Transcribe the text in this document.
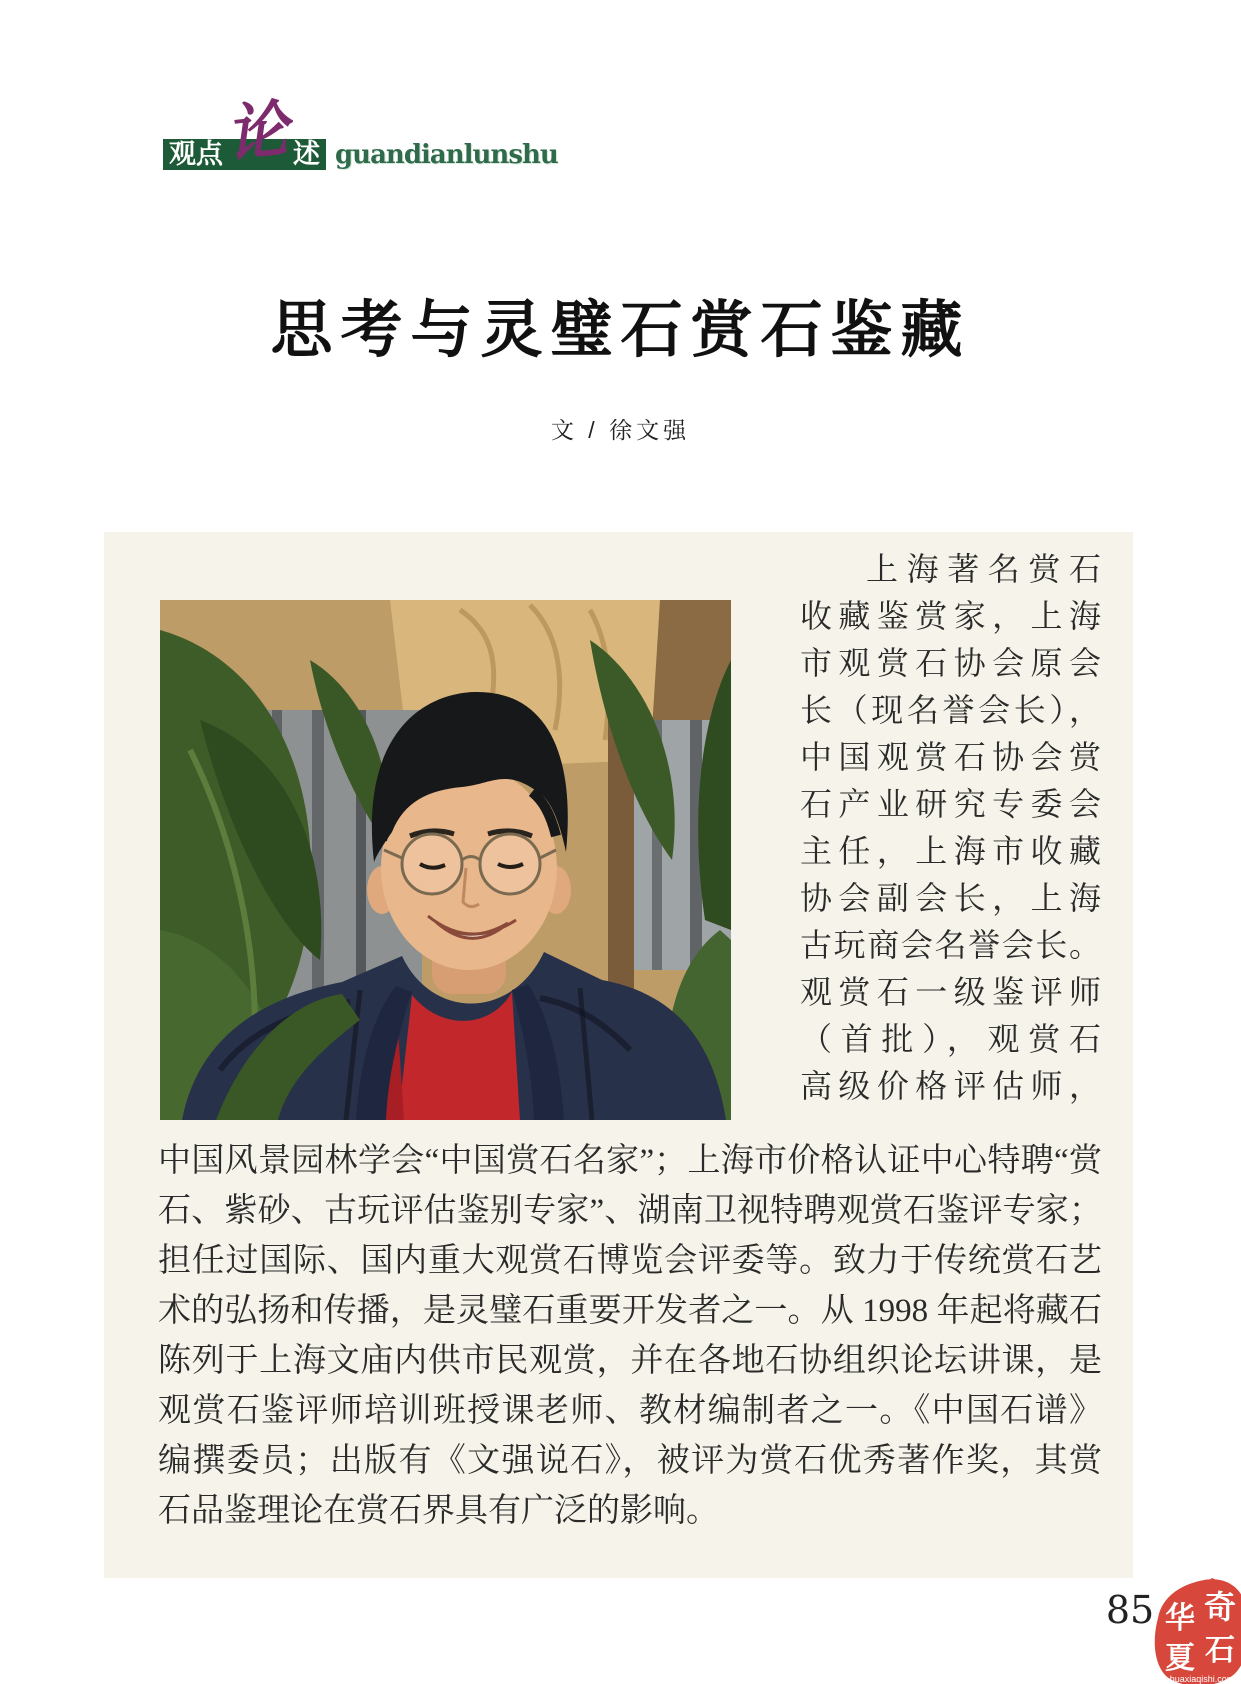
观点	述
论 guandianlunshu
思考与灵璧石赏石鉴藏
文 / 徐文强
上海著名赏石
收藏鉴赏家，上海
市观赏石协会原会
长（现名誉会长），
中国观赏石协会赏
石产业研究专委会
主任，上海市收藏
协会副会长，上海
古玩商会名誉会长。
观赏石一级鉴评师
（首批），观赏石
高级价格评估师，
中国风景园林学会“中国赏石名家”；上海市价格认证中心特聘“赏
石、紫砂、古玩评估鉴别专家”、湖南卫视特聘观赏石鉴评专家；
担任过国际、国内重大观赏石博览会评委等。致力于传统赏石艺
术的弘扬和传播，是灵璧石重要开发者之一。从 1998 年起将藏石
陈列于上海文庙内供市民观赏，并在各地石协组织论坛讲课，是
观赏石鉴评师培训班授课老师、教材编制者之一。《中国石谱》
编撰委员；出版有《文强说石》，被评为赏石优秀著作奖，其赏
石品鉴理论在赏石界具有广泛的影响。
85 华
夏
奇
石
huaxiaqishi.com
